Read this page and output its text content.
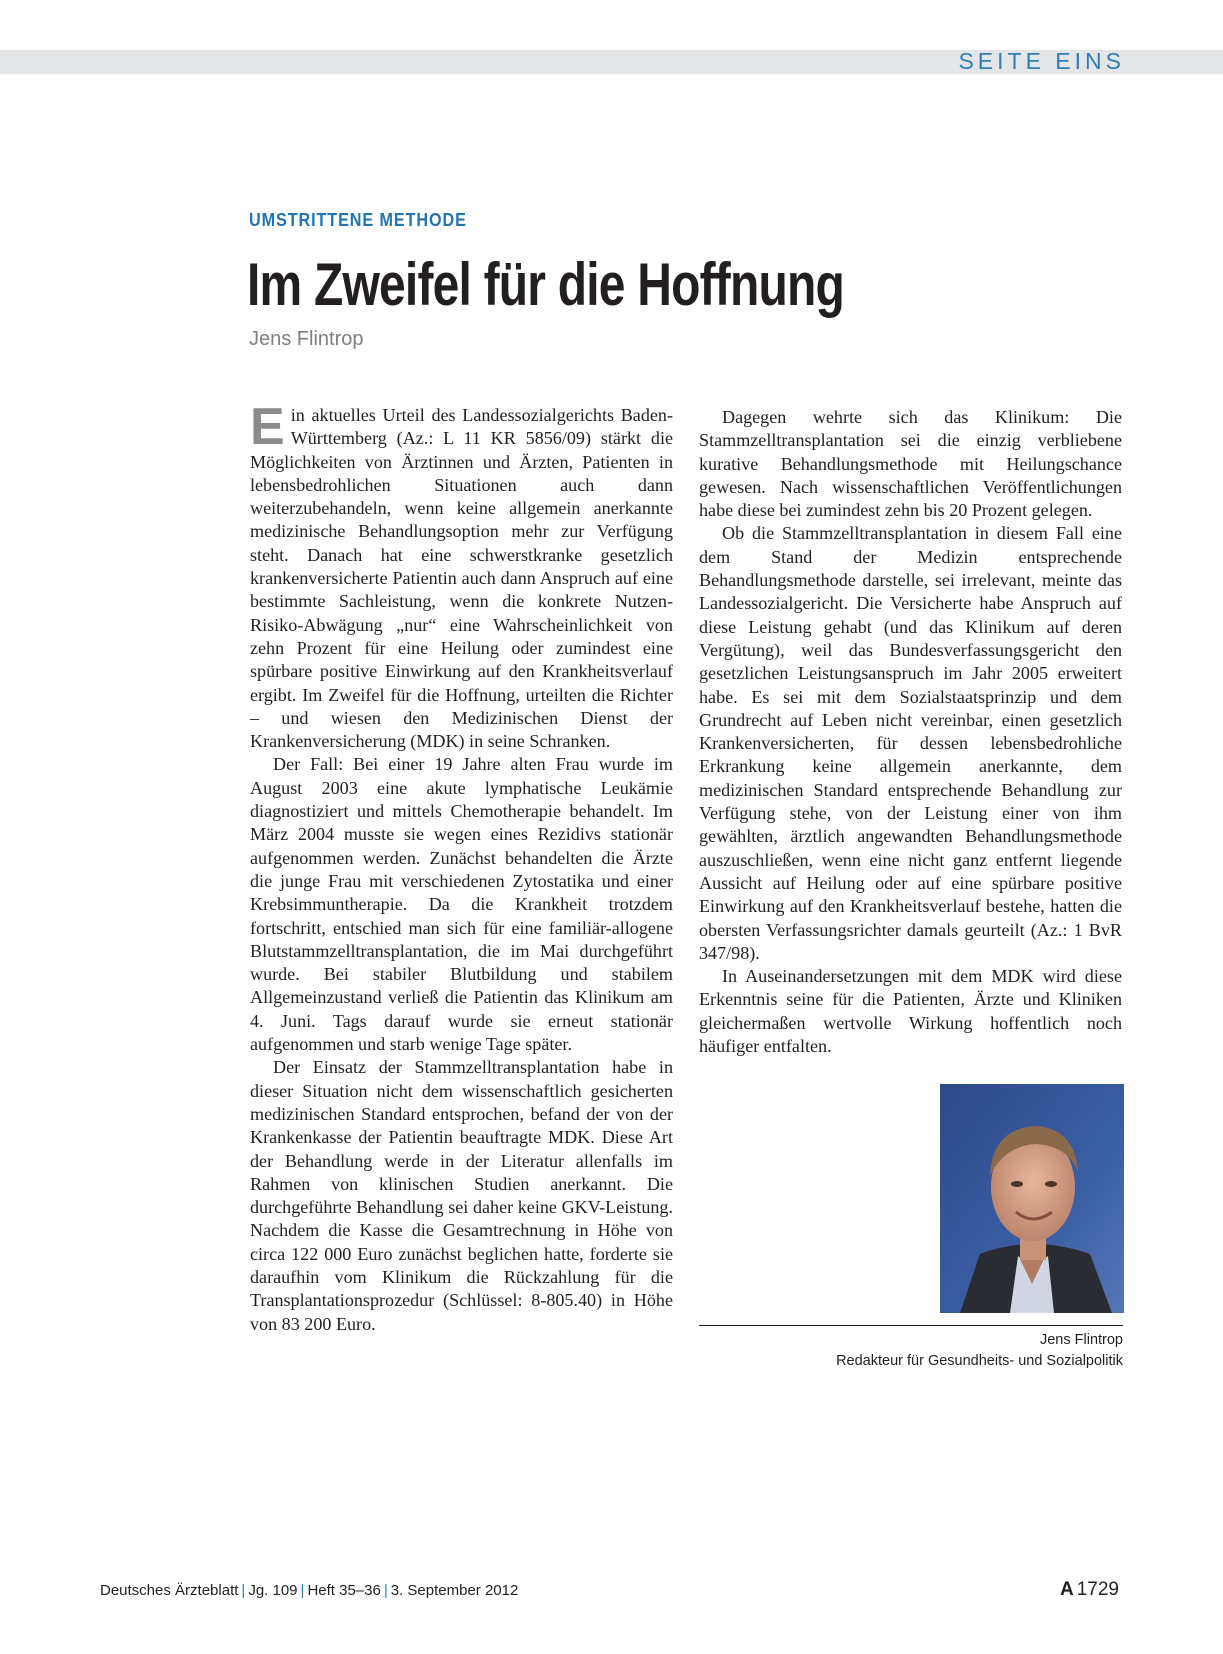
SEITE EINS
UMSTRITTENE METHODE
Im Zweifel für die Hoffnung
Jens Flintrop

Ein aktuelles Urteil des Landessozialgerichts Baden-Württemberg (Az.: L 11 KR 5856/09) stärkt die Möglichkeiten von Ärztinnen und Ärzten, Patienten in lebensbedrohlichen Situationen auch dann weiterzubehandeln, wenn keine allgemein anerkannte medizinische Behandlungsoption mehr zur Verfügung steht. Danach hat eine schwerstkranke gesetzlich krankenversicherte Patientin auch dann Anspruch auf eine bestimmte Sachleistung, wenn die konkrete Nutzen-Risiko-Abwägung „nur“ eine Wahrscheinlichkeit von zehn Prozent für eine Heilung oder zumindest eine spürbare positive Einwirkung auf den Krankheitsverlauf ergibt. Im Zweifel für die Hoffnung, urteilten die Richter – und wiesen den Medizinischen Dienst der Krankenversicherung (MDK) in seine Schranken.

Der Fall: Bei einer 19 Jahre alten Frau wurde im August 2003 eine akute lymphatische Leukämie diagnostiziert und mittels Chemotherapie behandelt. Im März 2004 musste sie wegen eines Rezidivs stationär aufgenommen werden. Zunächst behandelten die Ärzte die junge Frau mit verschiedenen Zytostatika und einer Krebsimmuntherapie. Da die Krankheit trotzdem fortschritt, entschied man sich für eine familiär-allogene Blutstammzelltransplantation, die im Mai durchgeführt wurde. Bei stabiler Blutbildung und stabilem Allgemeinzustand verließ die Patientin das Klinikum am 4. Juni. Tags darauf wurde sie erneut stationär aufgenommen und starb wenige Tage später.

Der Einsatz der Stammzelltransplantation habe in dieser Situation nicht dem wissenschaftlich gesicherten medizinischen Standard entsprochen, befand der von der Krankenkasse der Patientin beauftragte MDK. Diese Art der Behandlung werde in der Literatur allenfalls im Rahmen von klinischen Studien anerkannt. Die durchgeführte Behandlung sei daher keine GKV-Leistung. Nachdem die Kasse die Gesamtrechnung in Höhe von circa 122 000 Euro zunächst beglichen hatte, forderte sie daraufhin vom Klinikum die Rückzahlung für die Transplantationsprozedur (Schlüssel: 8-805.40) in Höhe von 83 200 Euro.

Dagegen wehrte sich das Klinikum: Die Stammzelltransplantation sei die einzig verbliebene kurative Behandlungsmethode mit Heilungschance gewesen. Nach wissenschaftlichen Veröffentlichungen habe diese bei zumindest zehn bis 20 Prozent gelegen.

Ob die Stammzelltransplantation in diesem Fall eine dem Stand der Medizin entsprechende Behandlungsmethode darstelle, sei irrelevant, meinte das Landessozialgericht. Die Versicherte habe Anspruch auf diese Leistung gehabt (und das Klinikum auf deren Vergütung), weil das Bundesverfassungsgericht den gesetzlichen Leistungsanspruch im Jahr 2005 erweitert habe. Es sei mit dem Sozialstaatsprinzip und dem Grundrecht auf Leben nicht vereinbar, einen gesetzlich Krankenversicherten, für dessen lebensbedrohliche Erkrankung keine allgemein anerkannte, dem medizinischen Standard entsprechende Behandlung zur Verfügung stehe, von der Leistung einer von ihm gewählten, ärztlich angewandten Behandlungsmethode auszuschließen, wenn eine nicht ganz entfernt liegende Aussicht auf Heilung oder auf eine spürbare positive Einwirkung auf den Krankheitsverlauf bestehe, hatten die obersten Verfassungsrichter damals geurteilt (Az.: 1 BvR 347/98).

In Auseinandersetzungen mit dem MDK wird diese Erkenntnis seine für die Patienten, Ärzte und Kliniken gleichermaßen wertvolle Wirkung hoffentlich noch häufiger entfalten.

Jens Flintrop
Redakteur für Gesundheits- und Sozialpolitik
Deutsches Ärzteblatt | Jg. 109 | Heft 35–36 | 3. September 2012	A 1729
